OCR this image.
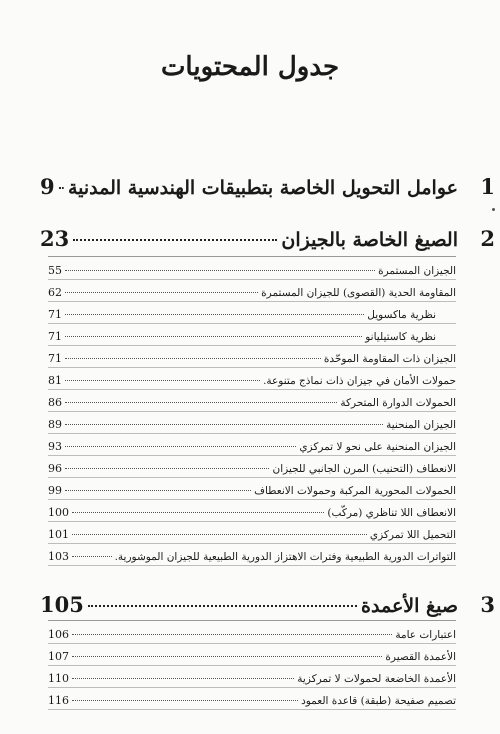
جدول المحتويات
1
عوامل التحويل الخاصة بتطبيقات الهندسية المدنية
9
2
الصيغ الخاصة بالجيزان
23
الجيزان المستمرة
55
المقاومة الحدية (القصوى) للجيزان المستمرة
62
نظرية ماكسويل
71
نظرية كاستيليانو
71
الجيزان ذات المقاومة الموحّدة
71
حمولات الأمان في جيزان ذات نماذج متنوعة.
81
الحمولات الدوارة المتحركة
86
الجيزان المنحنية
89
الجيزان المنحنية على نحو لا تمركزي
93
الانعطاف (التحنيب) المرن الجانبي للجيزان
96
الحمولات المحورية المركبة وحمولات الانعطاف
99
الانعطاف اللا تناظري (مركّب)
100
التحميل اللا تمركزي
101
التواترات الدورية الطبيعية وفترات الاهتزاز الدورية الطبيعية للجيزان الموشورية.
103
3
صيغ الأعمدة
105
اعتبارات عامة
106
الأعمدة القصيرة
107
الأعمدة الخاضعة لحمولات لا تمركزية
110
تصميم صفيحة (طبقة) قاعدة العمود
116
